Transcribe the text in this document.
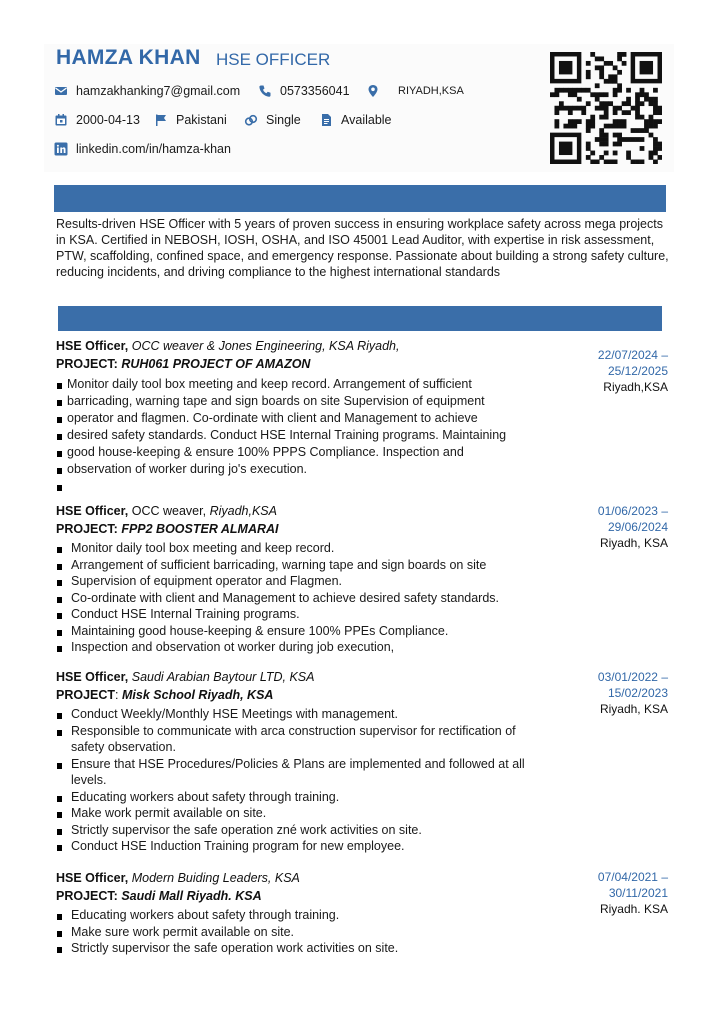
HAMZA KHAN HSE OFFICER
hamzakhanking7@gmail.com	0573356041	RIYADH,KSA
2000-04-13	Pakistani	Single	Available
linkedin.com/in/hamza-khan
Results-driven HSE Officer with 5 years of proven success in ensuring workplace safety across mega projects in KSA. Certified in NEBOSH, IOSH, OSHA, and ISO 45001 Lead Auditor, with expertise in risk assessment, PTW, scaffolding, confined space, and emergency response. Passionate about building a strong safety culture, reducing incidents, and driving compliance to the highest international standards
HSE Officer, OCC weaver & Jones Engineering, KSA Riyadh,
PROJECT: RUH061 PROJECT OF AMAZON
Monitor daily tool box meeting and keep record. Arrangement of sufficient
barricading, warning tape and sign boards on site Supervision of equipment
operator and flagmen. Co-ordinate with client and Management to achieve
desired safety standards. Conduct HSE Internal Training programs. Maintaining
good house-keeping & ensure 100% PPPS Compliance. Inspection and
observation of worker during jo's execution.
22/07/2024 –
25/12/2025
Riyadh,KSA
HSE Officer, OCC weaver, Riyadh,KSA
PROJECT: FPP2 BOOSTER ALMARAI
Monitor daily tool box meeting and keep record.
Arrangement of sufficient barricading, warning tape and sign boards on site
Supervision of equipment operator and Flagmen.
Co-ordinate with client and Management to achieve desired safety standards.
Conduct HSE Internal Training programs.
Maintaining good house-keeping & ensure 100% PPEs Compliance.
Inspection and observation ot worker during job execution,
01/06/2023 –
29/06/2024
Riyadh, KSA
HSE Officer, Saudi Arabian Baytour LTD, KSA
PROJECT: Misk School Riyadh, KSA
Conduct Weekly/Monthly HSE Meetings with management.
Responsible to communicate with arca construction supervisor for rectification of safety observation.
Ensure that HSE Procedures/Policies & Plans are implemented and followed at all levels.
Educating workers about safety through training.
Make work permit available on site.
Strictly supervisor the safe operation zné work activities on site.
Conduct HSE Induction Training program for new employee.
03/01/2022 –
15/02/2023
Riyadh, KSA
HSE Officer, Modern Buiding Leaders, KSA
PROJECT: Saudi Mall Riyadh. KSA
Educating workers about safety through training.
Make sure work permit available on site.
Strictly supervisor the safe operation work activities on site.
07/04/2021 –
30/11/2021
Riyadh. KSA
